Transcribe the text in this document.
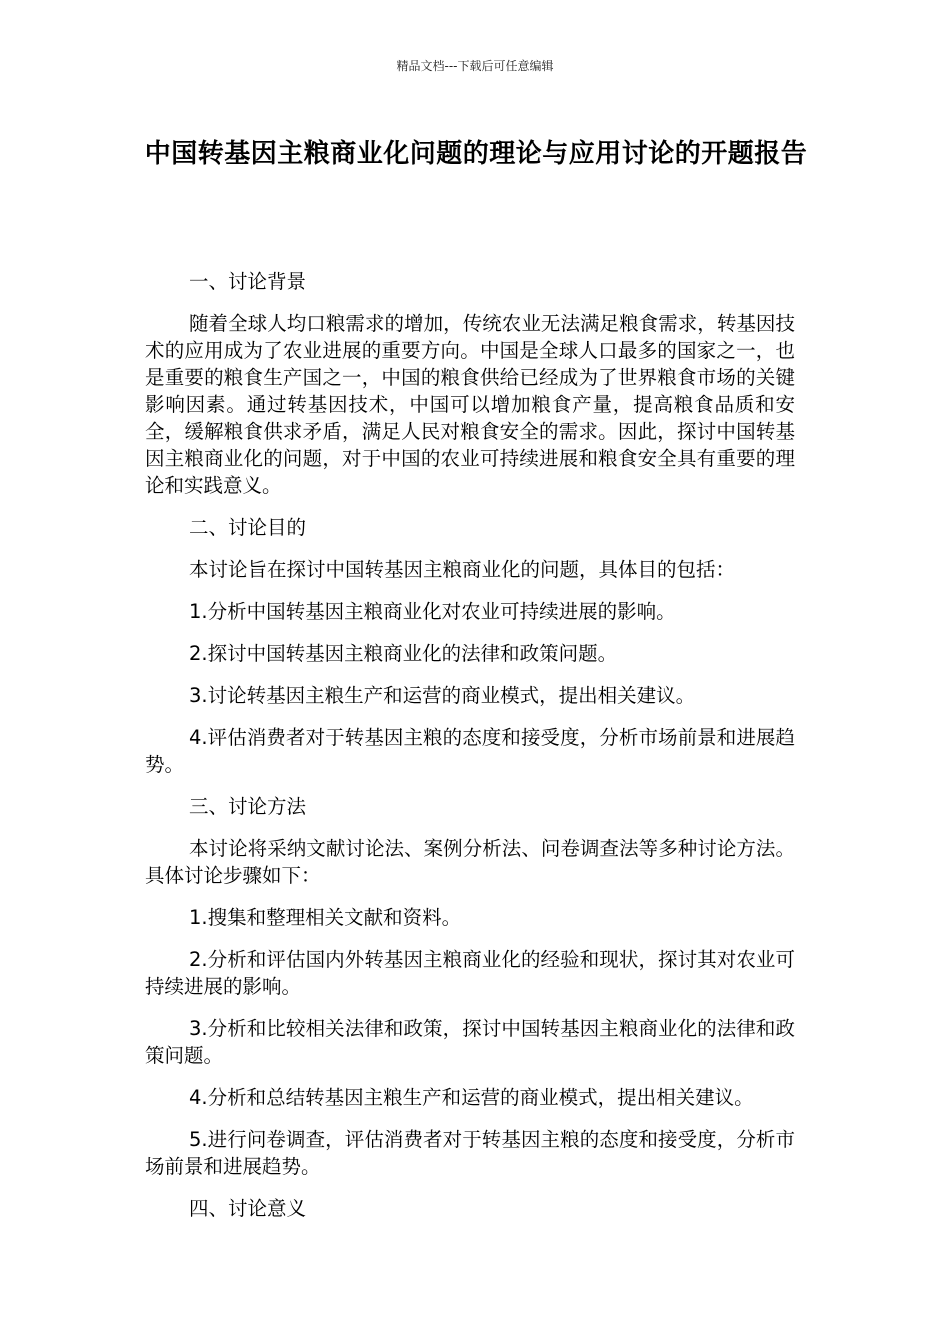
精品文档---下载后可任意编辑
中国转基因主粮商业化问题的理论与应用讨论的开题报告
一、讨论背景

随着全球人均口粮需求的增加，传统农业无法满足粮食需求，转基因技术的应用成为了农业进展的重要方向。中国是全球人口最多的国家之一，也是重要的粮食生产国之一，中国的粮食供给已经成为了世界粮食市场的关键影响因素。通过转基因技术，中国可以增加粮食产量，提高粮食品质和安全，缓解粮食供求矛盾，满足人民对粮食安全的需求。因此，探讨中国转基因主粮商业化的问题，对于中国的农业可持续进展和粮食安全具有重要的理论和实践意义。

二、讨论目的

本讨论旨在探讨中国转基因主粮商业化的问题，具体目的包括：

1.分析中国转基因主粮商业化对农业可持续进展的影响。

2.探讨中国转基因主粮商业化的法律和政策问题。

3.讨论转基因主粮生产和运营的商业模式，提出相关建议。

4.评估消费者对于转基因主粮的态度和接受度，分析市场前景和进展趋势。

三、讨论方法

本讨论将采纳文献讨论法、案例分析法、问卷调查法等多种讨论方法。具体讨论步骤如下：

1.搜集和整理相关文献和资料。

2.分析和评估国内外转基因主粮商业化的经验和现状，探讨其对农业可持续进展的影响。

3.分析和比较相关法律和政策，探讨中国转基因主粮商业化的法律和政策问题。

4.分析和总结转基因主粮生产和运营的商业模式，提出相关建议。

5.进行问卷调查，评估消费者对于转基因主粮的态度和接受度，分析市场前景和进展趋势。

四、讨论意义
